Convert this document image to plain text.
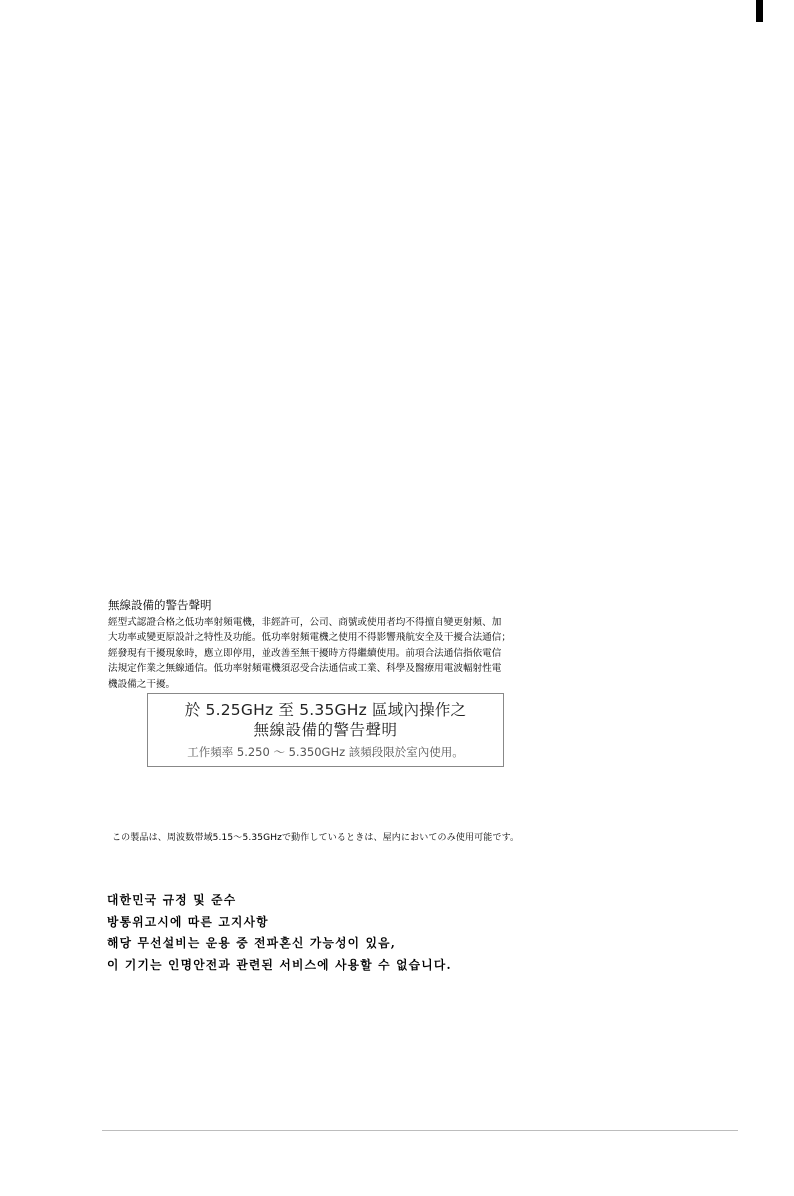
無線設備的警告聲明

經型式認證合格之低功率射頻電機，非經許可，公司、商號或使用者均不得擅自變更射頻、加
大功率或變更原設計之特性及功能。低功率射頻電機之使用不得影響飛航安全及干擾合法通信；
經發現有干擾現象時，應立即停用，並改善至無干擾時方得繼續使用。前項合法通信指依電信
法規定作業之無線通信。低功率射頻電機須忍受合法通信或工業、科學及醫療用電波輻射性電
機設備之干擾。

於 5.25GHz 至 5.35GHz 區域內操作之
無線設備的警告聲明
工作頻率 5.250 ～ 5.350GHz 該頻段限於室內使用。
この製品は、周波数帯域5.15～5.35GHzで動作しているときは、屋内においてのみ使用可能です。
대한민국 규정 및 준수
방통위고시에 따른 고지사항
해당 무선설비는 운용 중 전파혼신 가능성이 있음,
이 기기는 인명안전과 관련된 서비스에 사용할 수 없습니다.
